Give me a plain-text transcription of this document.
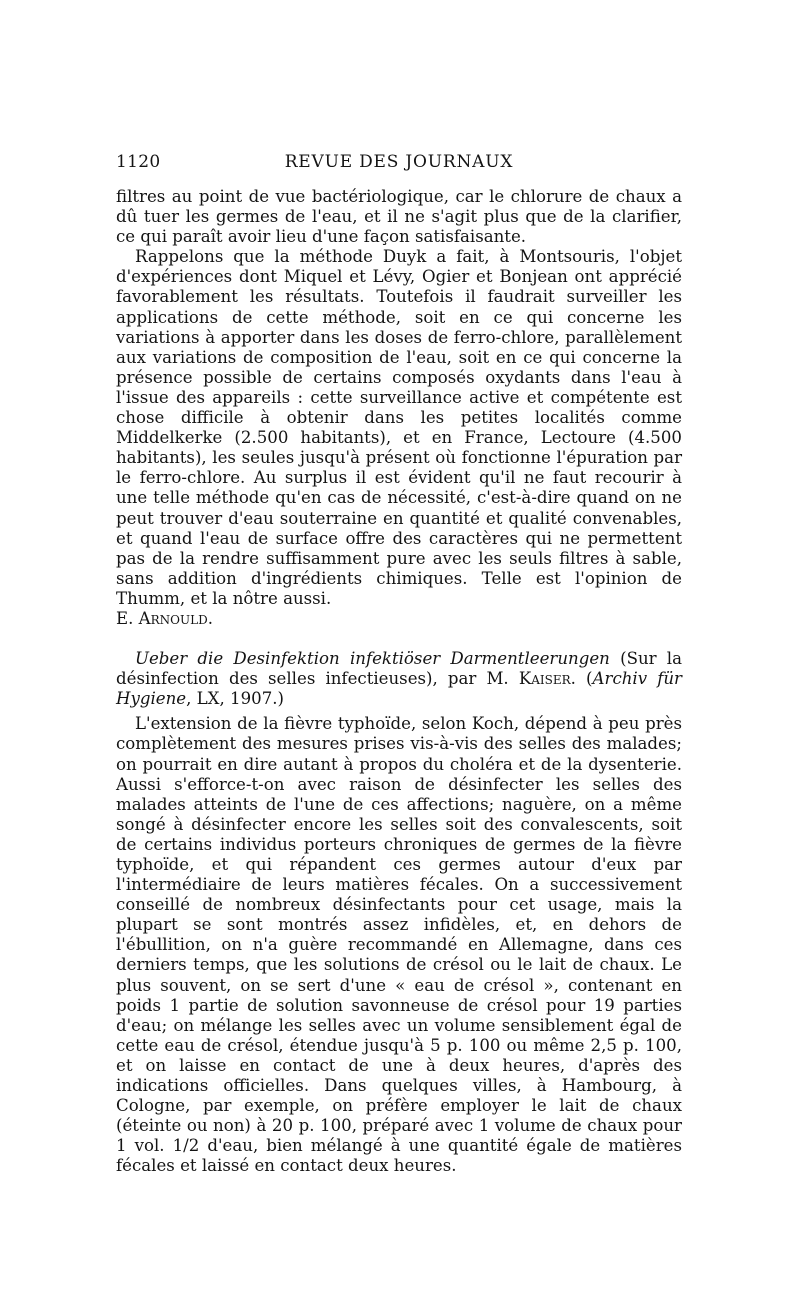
1120	REVUE DES JOURNAUX

filtres au point de vue bactériologique, car le chlorure de chaux a dû tuer les germes de l'eau, et il ne s'agit plus que de la clarifier, ce qui paraît avoir lieu d'une façon satisfaisante.

Rappelons que la méthode Duyk a fait, à Montsouris, l'objet d'expériences dont Miquel et Lévy, Ogier et Bonjean ont apprécié favorablement les résultats. Toutefois il faudrait surveiller les applications de cette méthode, soit en ce qui concerne les variations à apporter dans les doses de ferro-chlore, parallèlement aux variations de composition de l'eau, soit en ce qui concerne la présence possible de certains composés oxydants dans l'eau à l'issue des appareils : cette surveillance active et compétente est chose difficile à obtenir dans les petites localités comme Middelkerke (2.500 habitants), et en France, Lectoure (4.500 habitants), les seules jusqu'à présent où fonctionne l'épuration par le ferro-chlore. Au surplus il est évident qu'il ne faut recourir à une telle méthode qu'en cas de nécessité, c'est-à-dire quand on ne peut trouver d'eau souterraine en quantité et qualité convenables, et quand l'eau de surface offre des caractères qui ne permettent pas de la rendre suffisamment pure avec les seuls filtres à sable, sans addition d'ingrédients chimiques. Telle est l'opinion de Thumm, et la nôtre aussi.

E. Arnould.

Ueber die Desinfektion infektiöser Darmentleerungen (Sur la désinfection des selles infectieuses), par M. Kaiser. (Archiv für Hygiene, LX, 1907.)

L'extension de la fièvre typhoïde, selon Koch, dépend à peu près complètement des mesures prises vis-à-vis des selles des malades; on pourrait en dire autant à propos du choléra et de la dysenterie. Aussi s'efforce-t-on avec raison de désinfecter les selles des malades atteints de l'une de ces affections; naguère, on a même songé à désinfecter encore les selles soit des convalescents, soit de certains individus porteurs chroniques de germes de la fièvre typhoïde, et qui répandent ces germes autour d'eux par l'intermédiaire de leurs matières fécales. On a successivement conseillé de nombreux désinfectants pour cet usage, mais la plupart se sont montrés assez infidèles, et, en dehors de l'ébullition, on n'a guère recommandé en Allemagne, dans ces derniers temps, que les solutions de crésol ou le lait de chaux. Le plus souvent, on se sert d'une « eau de crésol », contenant en poids 1 partie de solution savonneuse de crésol pour 19 parties d'eau; on mélange les selles avec un volume sensiblement égal de cette eau de crésol, étendue jusqu'à 5 p. 100 ou même 2,5 p. 100, et on laisse en contact de une à deux heures, d'après des indications officielles. Dans quelques villes, à Hambourg, à Cologne, par exemple, on préfère employer le lait de chaux (éteinte ou non) à 20 p. 100, préparé avec 1 volume de chaux pour 1 vol. 1/2 d'eau, bien mélangé à une quantité égale de matières fécales et laissé en contact deux heures.
